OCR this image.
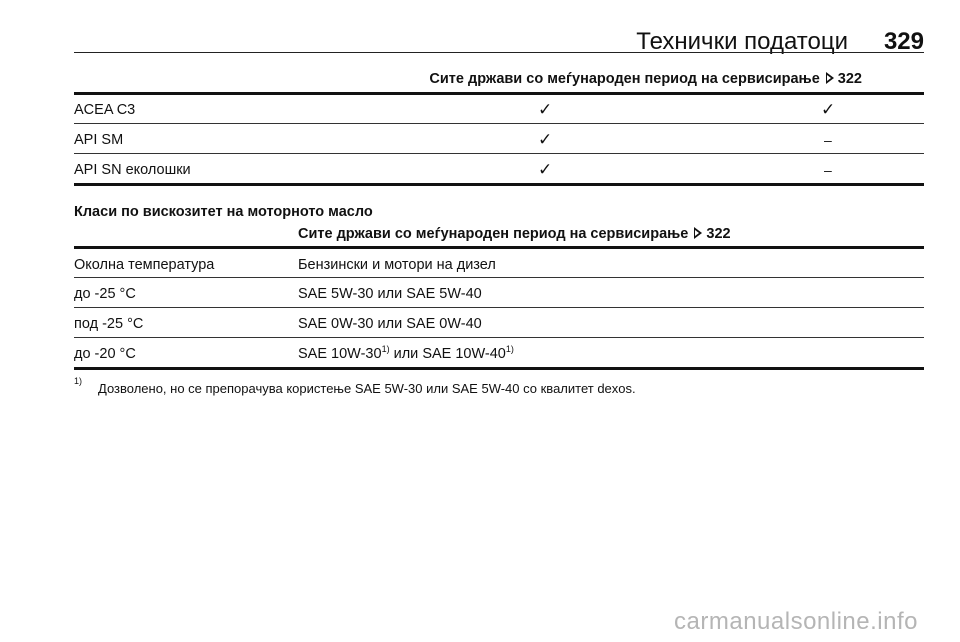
Технички податоци 329
Сите држави со меѓународен период на сервисирање 322
ACEA C3	✓	✓
API SM	✓	–
API SN еколошки	✓	–
Класи по вискозитет на моторното масло
Сите држави со меѓународен период на сервисирање 322
Околна температура	Бензински и мотори на дизел
до -25 °C	SAE 5W-30 или SAE 5W-40
под -25 °C	SAE 0W-30 или SAE 0W-40
до -20 °C	SAE 10W-30$^{1)}$ или SAE 10W-40$^{1)}$
1) Дозволено, но се препорачува користење SAE 5W-30 или SAE 5W-40 со квалитет dexos.
carmanualsonline.info
